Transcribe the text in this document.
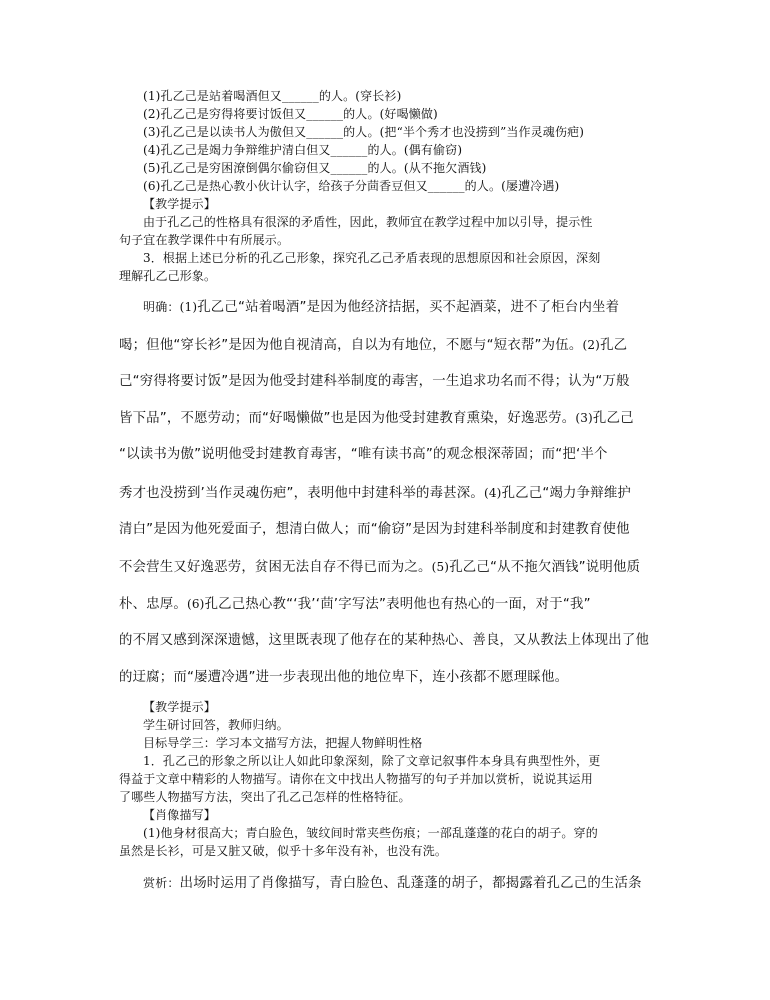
(1)孔乙己是站着喝酒但又______的人。(穿长衫)
(2)孔乙己是穷得将要讨饭但又______的人。(好喝懒做)
(3)孔乙己是以读书人为傲但又______的人。(把“半个秀才也没捞到”当作灵魂伤疤)
(4)孔乙己是竭力争辩维护清白但又______的人。(偶有偷窃)
(5)孔乙己是穷困潦倒偶尔偷窃但又______的人。(从不拖欠酒钱)
(6)孔乙己是热心教小伙计认字，给孩子分茴香豆但又______的人。(屡遭冷遇)
【教学提示】
由于孔乙己的性格具有很深的矛盾性，因此，教师宜在教学过程中加以引导，提示性
句子宜在教学课件中有所展示。
3．根据上述已分析的孔乙己形象，探究孔乙己矛盾表现的思想原因和社会原因，深刻
理解孔乙己形象。
明确：(1)孔乙己“站着喝酒”是因为他经济拮据，买不起酒菜，进不了柜台内坐着
喝；但他“穿长衫”是因为他自视清高，自以为有地位，不愿与“短衣帮”为伍。(2)孔乙
己“穷得将要讨饭”是因为他受封建科举制度的毒害，一生追求功名而不得；认为“万般
皆下品”，不愿劳动；而“好喝懒做”也是因为他受封建教育熏染，好逸恶劳。(3)孔乙己
“以读书为傲”说明他受封建教育毒害，“唯有读书高”的观念根深蒂固；而“把‘半个
秀才也没捞到’当作灵魂伤疤”，表明他中封建科举的毒甚深。(4)孔乙己“竭力争辩维护
清白”是因为他死爱面子，想清白做人；而“偷窃”是因为封建科举制度和封建教育使他
不会营生又好逸恶劳，贫困无法自存不得已而为之。(5)孔乙己“从不拖欠酒钱”说明他质
朴、忠厚。(6)孔乙己热心教“‘我’‘茴’字写法”表明他也有热心的一面，对于“我”
的不屑又感到深深遗憾，这里既表现了他存在的某种热心、善良，又从教法上体现出了他
的迂腐；而“屡遭冷遇”进一步表现出他的地位卑下，连小孩都不愿理睬他。
【教学提示】
学生研讨回答，教师归纳。
目标导学三：学习本文描写方法，把握人物鲜明性格
1．孔乙己的形象之所以让人如此印象深刻，除了文章记叙事件本身具有典型性外，更
得益于文章中精彩的人物描写。请你在文中找出人物描写的句子并加以赏析，说说其运用
了哪些人物描写方法，突出了孔乙己怎样的性格特征。
【肖像描写】
(1)他身材很高大；青白脸色，皱纹间时常夹些伤痕；一部乱蓬蓬的花白的胡子。穿的
虽然是长衫，可是又脏又破，似乎十多年没有补，也没有洗。
赏析：出场时运用了肖像描写，青白脸色、乱蓬蓬的胡子，都揭露着孔乙己的生活条
